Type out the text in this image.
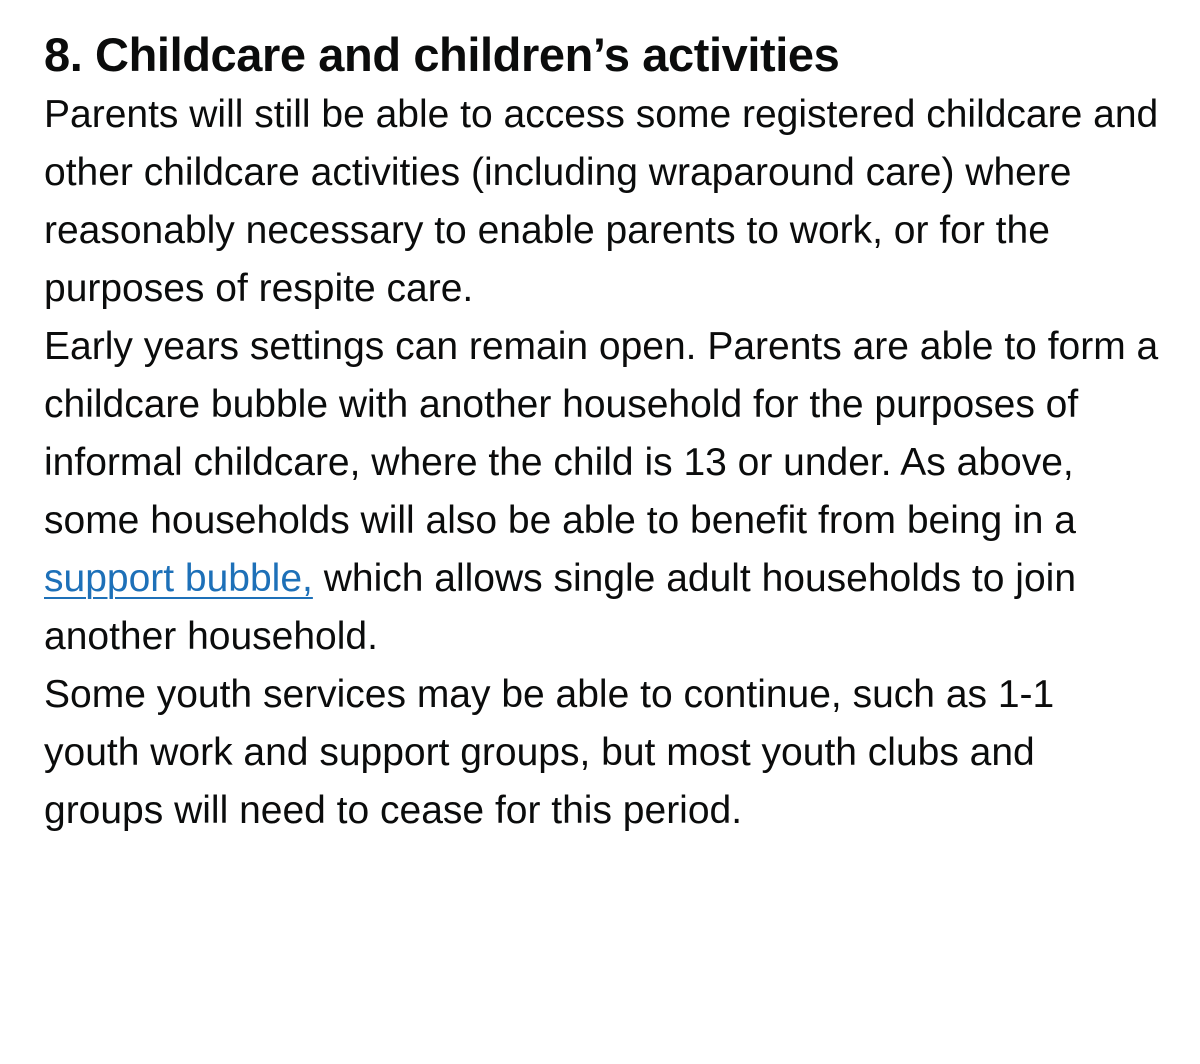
8. Childcare and children’s activities

Parents will still be able to access some registered childcare and other childcare activities (including wraparound care) where reasonably necessary to enable parents to work, or for the purposes of respite care.

Early years settings can remain open. Parents are able to form a childcare bubble with another household for the purposes of informal childcare, where the child is 13 or under. As above, some households will also be able to benefit from being in a support bubble, which allows single adult households to join another household.

Some youth services may be able to continue, such as 1-1 youth work and support groups, but most youth clubs and groups will need to cease for this period.
